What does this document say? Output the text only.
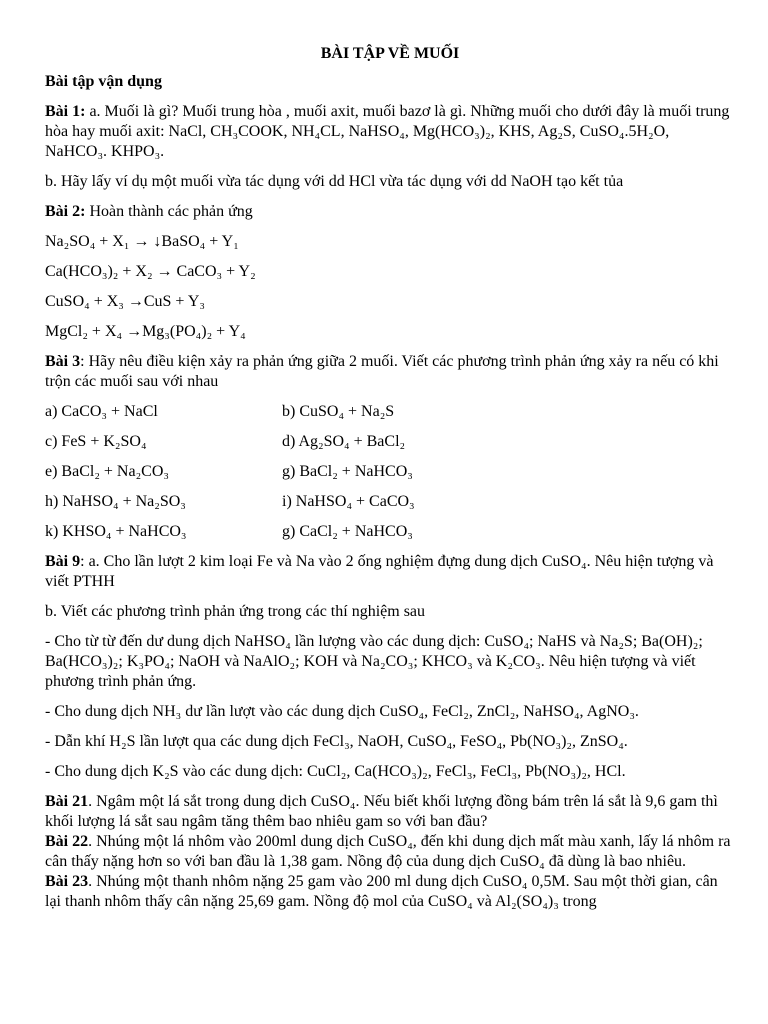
BÀI TẬP VỀ MUỐI
Bài tập vận dụng

Bài 1: a. Muối là gì? Muối trung hòa , muối axit, muối bazơ là gì. Những muối cho dưới đây là muối trung hòa hay muối axit: NaCl, CH₃COOK, NH₄CL, NaHSO₄, Mg(HCO₃)₂, KHS, Ag₂S, CuSO₄.5H₂O, NaHCO₃. KHPO₃.

b. Hãy lấy ví dụ một muối vừa tác dụng với dd HCl vừa tác dụng với dd NaOH tạo kết tủa

Bài 2: Hoàn thành các phản ứng

Na₂SO₄ + X₁ → ↓BaSO₄ + Y₁
Ca(HCO₃)₂ + X₂ → CaCO₃ + Y₂
CuSO₄ + X₃ →CuS + Y₃
MgCl₂ + X₄ →Mg₃(PO₄)₂ + Y₄

Bài 3: Hãy nêu điều kiện xảy ra phản ứng giữa 2 muối. Viết các phương trình phản ứng xảy ra nếu có khi trộn các muối sau với nhau

a) CaCO₃ + NaCl	b) CuSO₄ + Na₂S
c) FeS + K₂SO₄	d) Ag₂SO₄ + BaCl₂
e) BaCl₂ + Na₂CO₃	g) BaCl₂ + NaHCO₃
h) NaHSO₄ + Na₂SO₃	i) NaHSO₄ + CaCO₃
k) KHSO₄ + NaHCO₃	g) CaCl₂ + NaHCO₃

Bài 9: a. Cho lần lượt 2 kim loại Fe và Na vào 2 ống nghiệm đựng dung dịch CuSO₄. Nêu hiện tượng và viết PTHH

b. Viết các phương trình phản ứng trong các thí nghiệm sau

- Cho từ từ đến dư dung dịch NaHSO₄ lần lượng vào các dung dịch: CuSO₄; NaHS và Na₂S; Ba(OH)₂; Ba(HCO₃)₂; K₃PO₄; NaOH và NaAlO₂; KOH và Na₂CO₃; KHCO₃ và K₂CO₃. Nêu hiện tượng và viết phương trình phản ứng.

- Cho dung dịch NH₃ dư lần lượt vào các dung dịch CuSO₄, FeCl₂, ZnCl₂, NaHSO₄, AgNO₃.

- Dẫn khí H₂S lần lượt qua các dung dịch FeCl₃, NaOH, CuSO₄, FeSO₄, Pb(NO₃)₂, ZnSO₄.

- Cho dung dịch K₂S vào các dung dịch: CuCl₂, Ca(HCO₃)₂, FeCl₃, FeCl₃, Pb(NO₃)₂, HCl.

Bài 21. Ngâm một lá sắt trong dung dịch CuSO₄. Nếu biết khối lượng đồng bám trên lá sắt là 9,6 gam thì khối lượng lá sắt sau ngâm tăng thêm bao nhiêu gam so với ban đầu?

Bài 22. Nhúng một lá nhôm vào 200ml dung dịch CuSO₄, đến khi dung dịch mất màu xanh, lấy lá nhôm ra cân thấy nặng hơn so với ban đầu là 1,38 gam. Nồng độ của dung dịch CuSO₄ đã dùng là bao nhiêu.

Bài 23. Nhúng một thanh nhôm nặng 25 gam vào 200 ml dung dịch CuSO₄ 0,5M. Sau một thời gian, cân lại thanh nhôm thấy cân nặng 25,69 gam. Nồng độ mol của CuSO₄ và Al₂(SO₄)₃ trong
